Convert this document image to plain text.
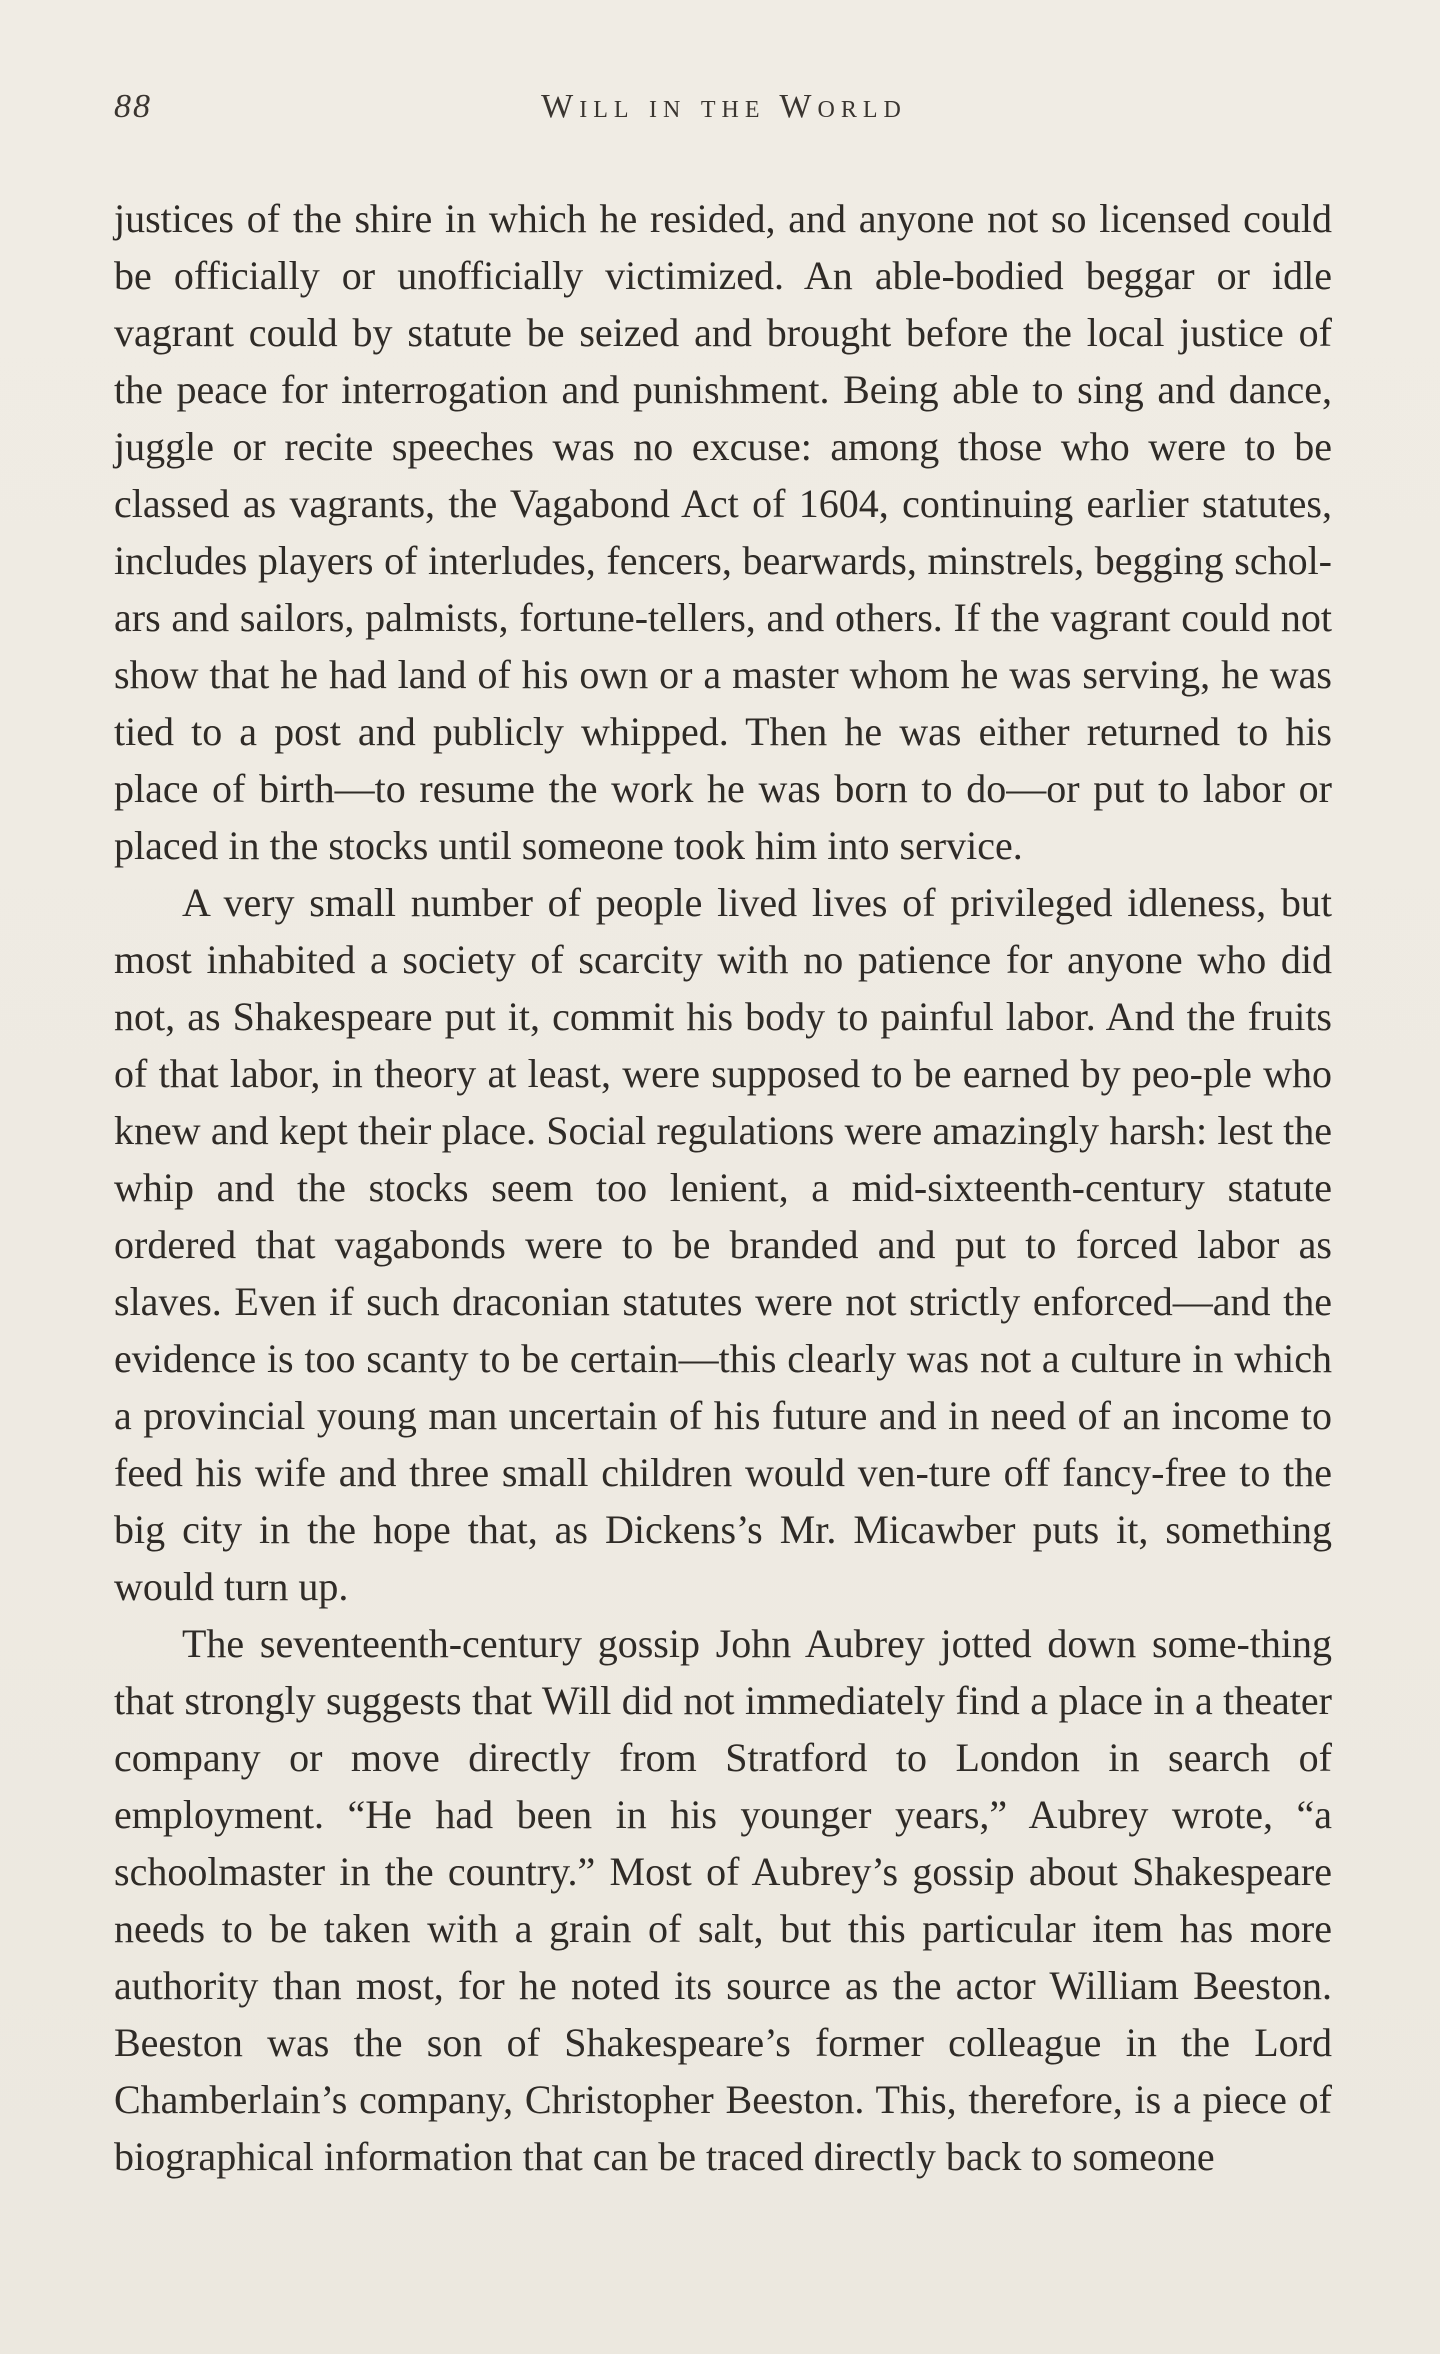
88	Will in the World

justices of the shire in which he resided, and anyone not so licensed could be officially or unofficially victimized. An able-bodied beggar or idle vagrant could by statute be seized and brought before the local justice of the peace for interrogation and punishment. Being able to sing and dance, juggle or recite speeches was no excuse: among those who were to be classed as vagrants, the Vagabond Act of 1604, continuing earlier statutes, includes players of interludes, fencers, bearwards, minstrels, begging schol-ars and sailors, palmists, fortune-tellers, and others. If the vagrant could not show that he had land of his own or a master whom he was serving, he was tied to a post and publicly whipped. Then he was either returned to his place of birth—to resume the work he was born to do—or put to labor or placed in the stocks until someone took him into service.

A very small number of people lived lives of privileged idleness, but most inhabited a society of scarcity with no patience for anyone who did not, as Shakespeare put it, commit his body to painful labor. And the fruits of that labor, in theory at least, were supposed to be earned by peo-ple who knew and kept their place. Social regulations were amazingly harsh: lest the whip and the stocks seem too lenient, a mid-sixteenth-century statute ordered that vagabonds were to be branded and put to forced labor as slaves. Even if such draconian statutes were not strictly enforced—and the evidence is too scanty to be certain—this clearly was not a culture in which a provincial young man uncertain of his future and in need of an income to feed his wife and three small children would ven-ture off fancy-free to the big city in the hope that, as Dickens’s Mr. Micawber puts it, something would turn up.

The seventeenth-century gossip John Aubrey jotted down some-thing that strongly suggests that Will did not immediately find a place in a theater company or move directly from Stratford to London in search of employment. “He had been in his younger years,” Aubrey wrote, “a schoolmaster in the country.” Most of Aubrey’s gossip about Shakespeare needs to be taken with a grain of salt, but this particular item has more authority than most, for he noted its source as the actor William Beeston. Beeston was the son of Shakespeare’s former colleague in the Lord Chamberlain’s company, Christopher Beeston. This, therefore, is a piece of biographical information that can be traced directly back to someone
